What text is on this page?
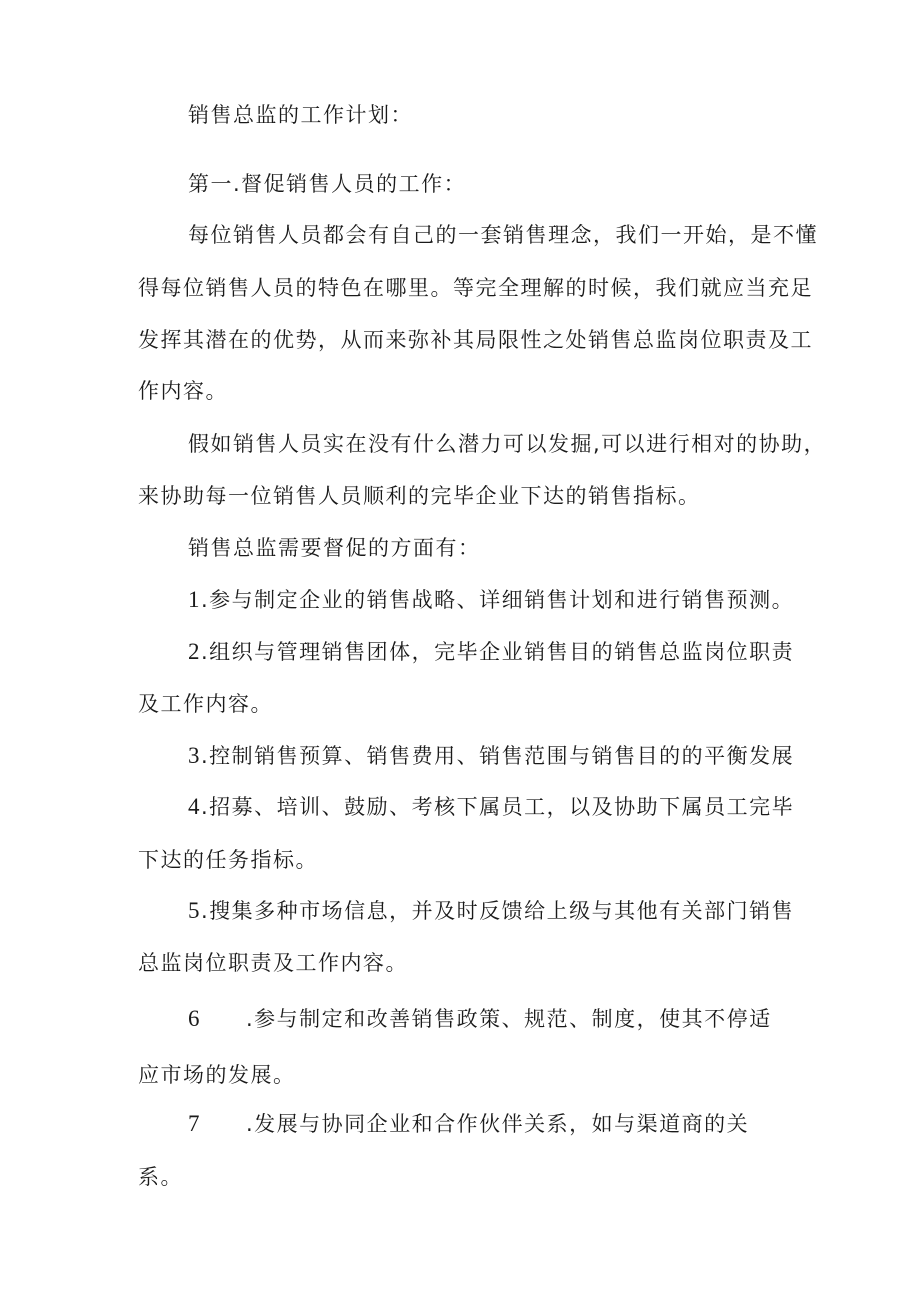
销售总监的工作计划：
第一.督促销售人员的工作：
每位销售人员都会有自己的一套销售理念，我们一开始，是不懂
得每位销售人员的特色在哪里。等完全理解的时候，我们就应当充足
发挥其潜在的优势，从而来弥补其局限性之处销售总监岗位职责及工
作内容。
假如销售人员实在没有什么潜力可以发掘,可以进行相对的协助，
来协助每一位销售人员顺利的完毕企业下达的销售指标。
销售总监需要督促的方面有：
1.参与制定企业的销售战略、详细销售计划和进行销售预测。
2.组织与管理销售团体，完毕企业销售目的销售总监岗位职责
及工作内容。
3.控制销售预算、销售费用、销售范围与销售目的的平衡发展
4.招募、培训、鼓励、考核下属员工，以及协助下属员工完毕
下达的任务指标。
5.搜集多种市场信息，并及时反馈给上级与其他有关部门销售
总监岗位职责及工作内容。
6 .参与制定和改善销售政策、规范、制度，使其不停适
应市场的发展。
7 .发展与协同企业和合作伙伴关系，如与渠道商的关
系。
